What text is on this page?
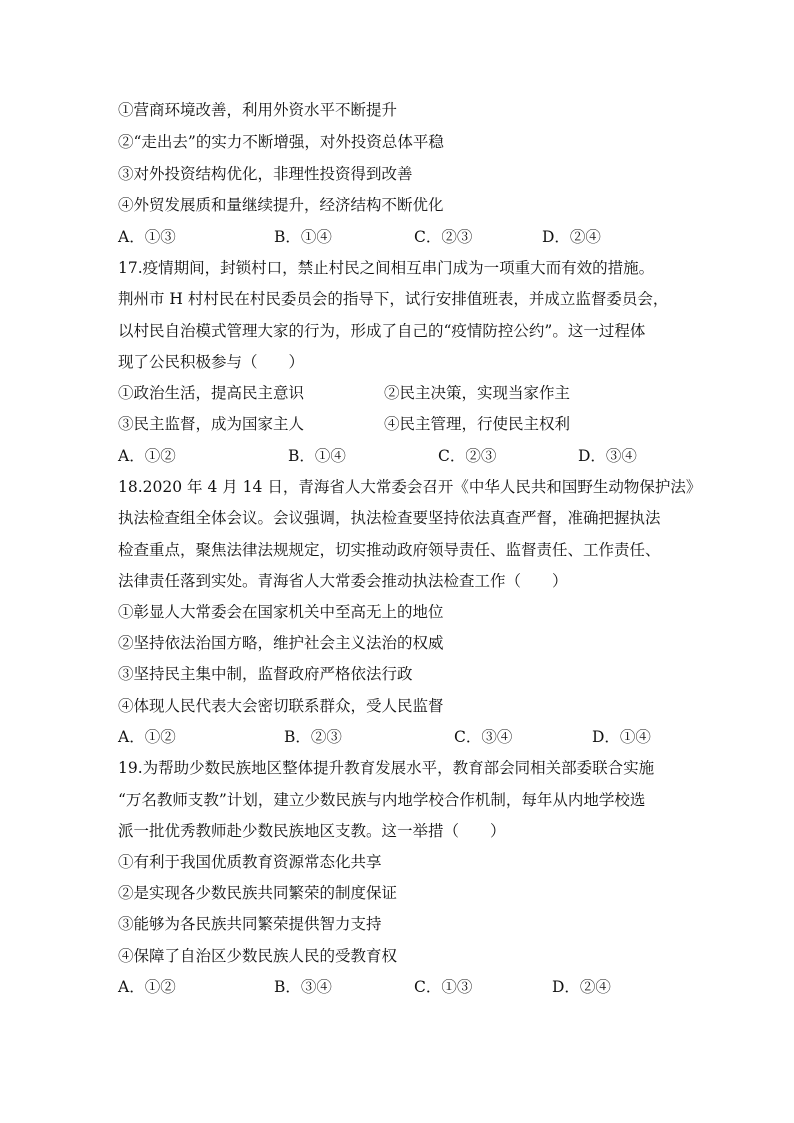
①营商环境改善，利用外资水平不断提升
②“走出去”的实力不断增强，对外投资总体平稳
③对外投资结构优化，非理性投资得到改善
④外贸发展质和量继续提升，经济结构不断优化
A．①③	B．①④	C．②③	D．②④
17.疫情期间，封锁村口，禁止村民之间相互串门成为一项重大而有效的措施。
荆州市 H 村村民在村民委员会的指导下，试行安排值班表，并成立监督委员会，
以村民自治模式管理大家的行为，形成了自己的“疫情防控公约”。这一过程体
现了公民积极参与（　　）
①政治生活，提高民主意识	②民主决策，实现当家作主
③民主监督，成为国家主人	④民主管理，行使民主权利
A．①②	B．①④	C．②③	D．③④
18.2020 年 4 月 14 日，青海省人大常委会召开《中华人民共和国野生动物保护法》
执法检查组全体会议。会议强调，执法检查要坚持依法真查严督，准确把握执法
检查重点，聚焦法律法规规定，切实推动政府领导责任、监督责任、工作责任、
法律责任落到实处。青海省人大常委会推动执法检查工作（　　）
①彰显人大常委会在国家机关中至高无上的地位
②坚持依法治国方略，维护社会主义法治的权威
③坚持民主集中制，监督政府严格依法行政
④体现人民代表大会密切联系群众，受人民监督
A．①②	B．②③	C．③④	D．①④
19.为帮助少数民族地区整体提升教育发展水平，教育部会同相关部委联合实施
“万名教师支教”计划，建立少数民族与内地学校合作机制，每年从内地学校选
派一批优秀教师赴少数民族地区支教。这一举措（　　）
①有利于我国优质教育资源常态化共享
②是实现各少数民族共同繁荣的制度保证
③能够为各民族共同繁荣提供智力支持
④保障了自治区少数民族人民的受教育权
A．①②	B．③④	C．①③	D．②④
